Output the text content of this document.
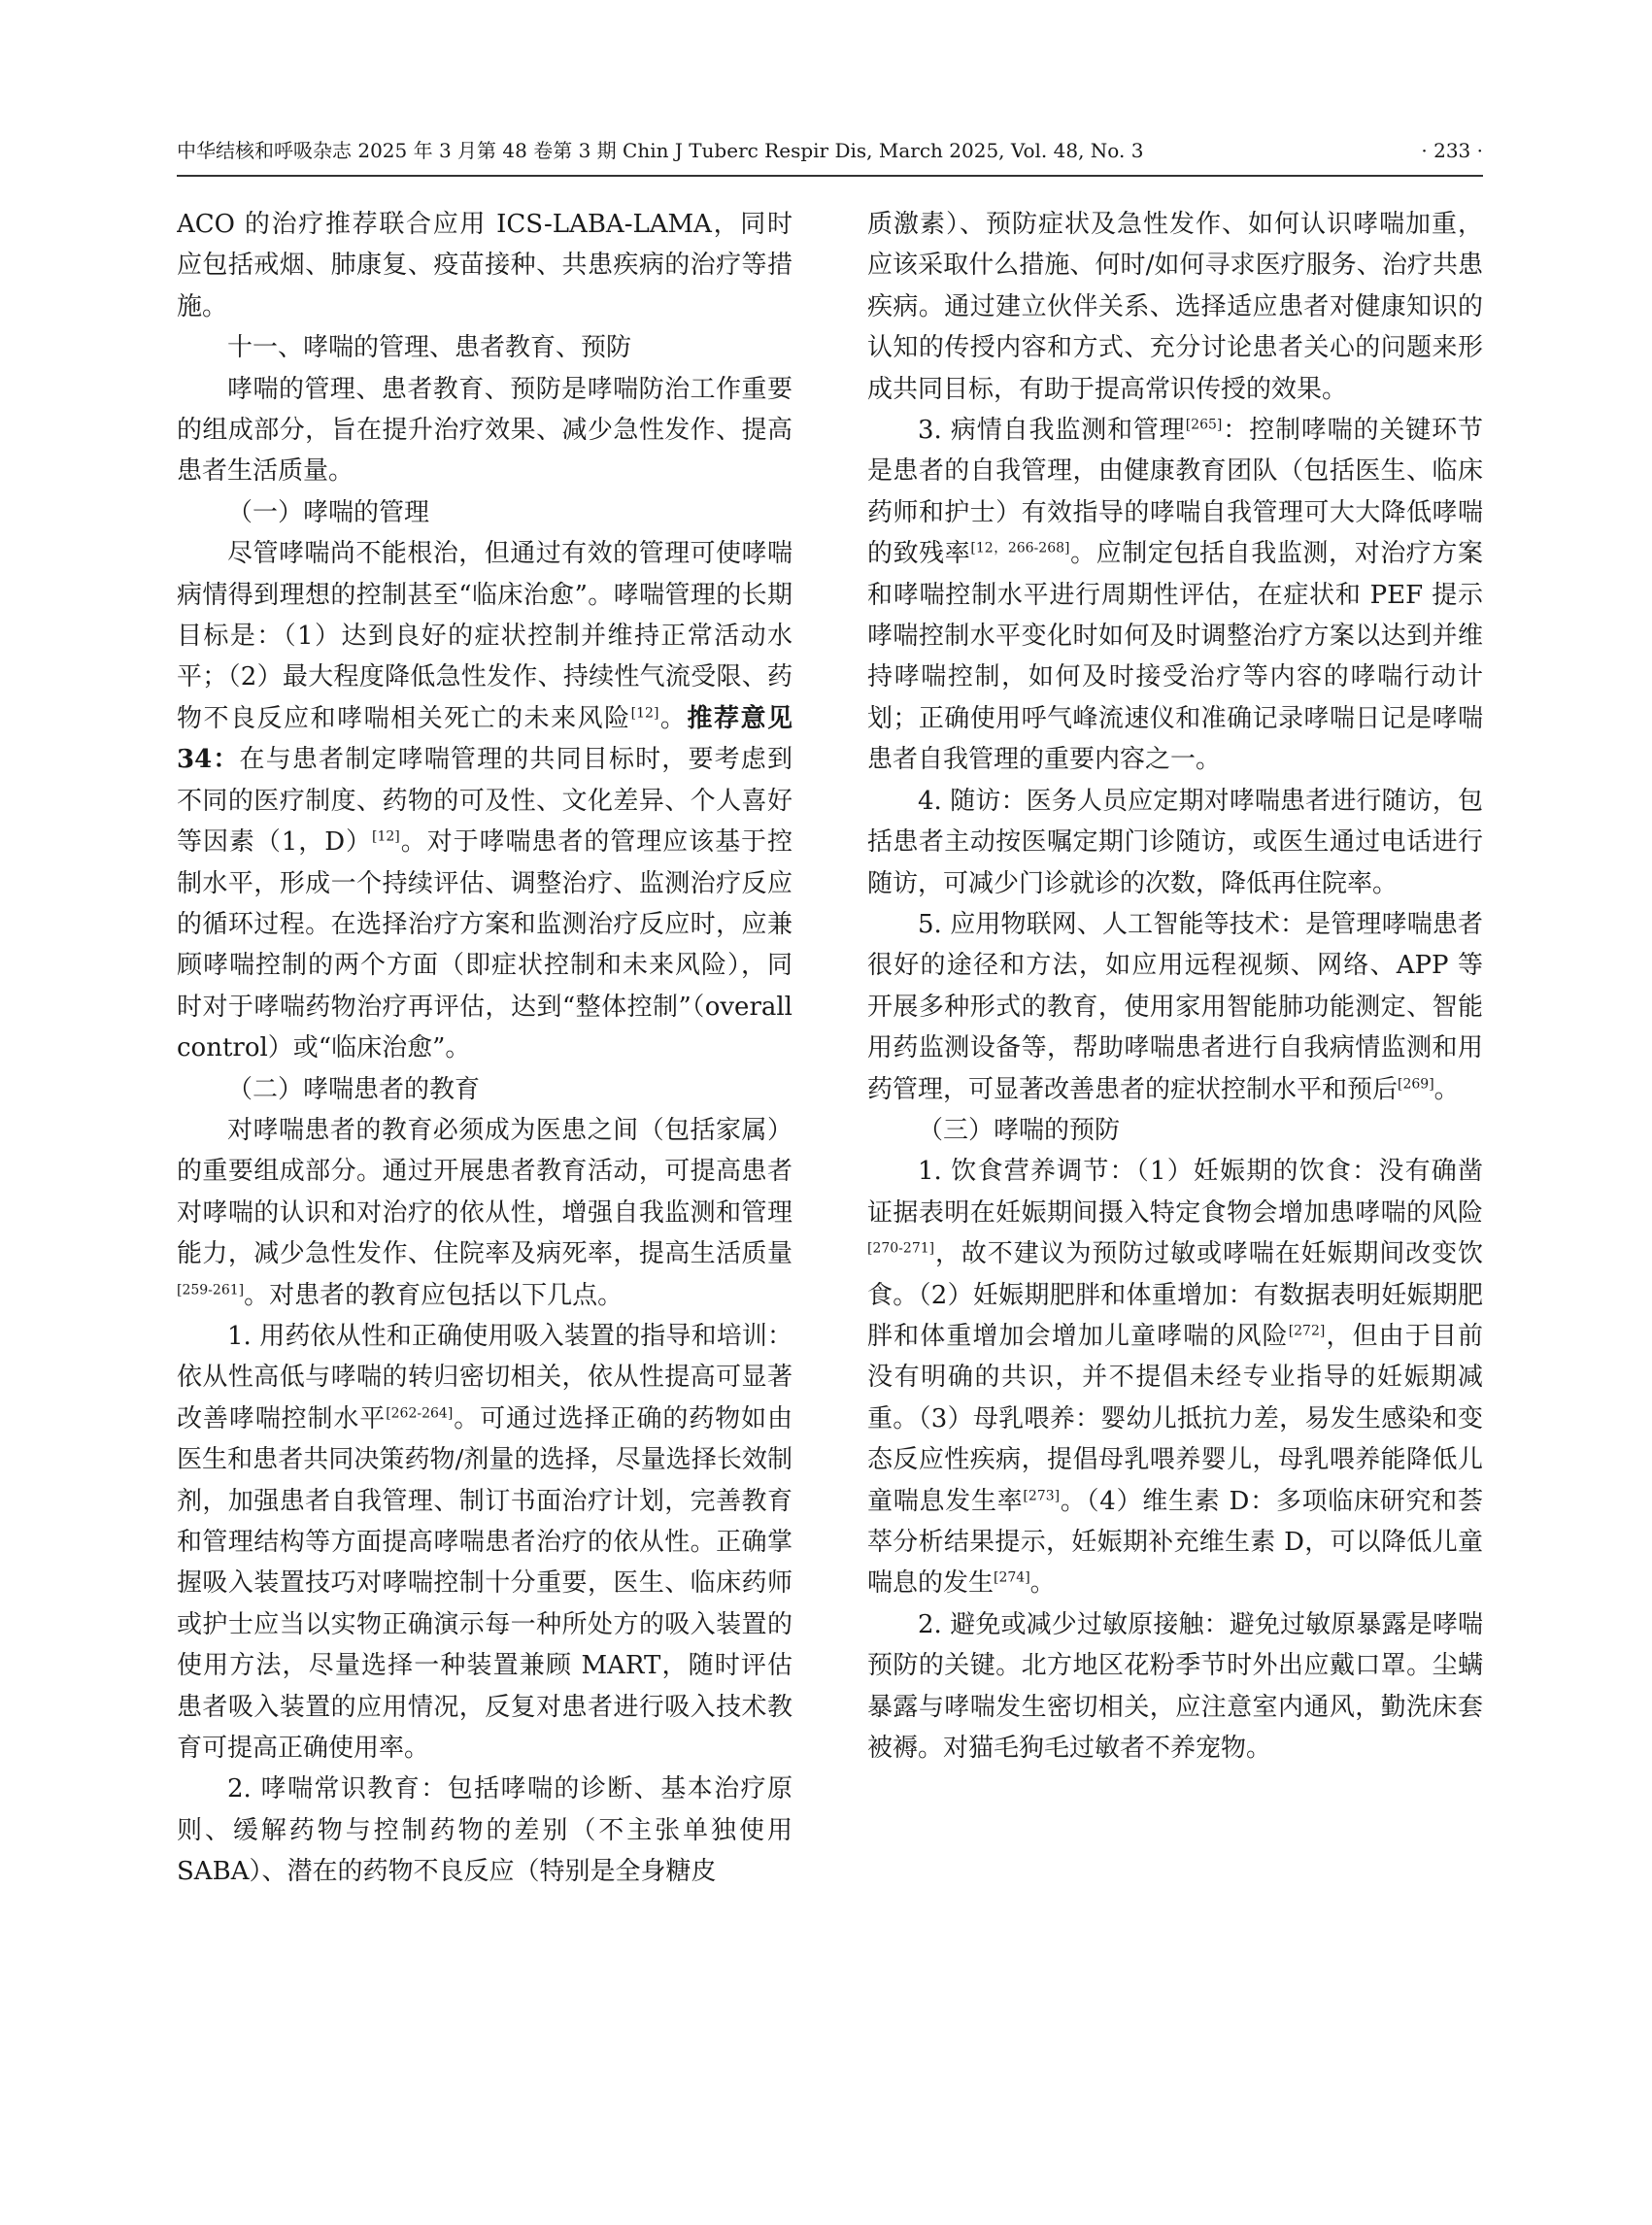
中华结核和呼吸杂志 2025 年 3 月第 48 卷第 3 期 Chin J Tuberc Respir Dis, March 2025, Vol. 48, No. 3	· 233 ·

ACO 的治疗推荐联合应用 ICS-LABA-LAMA，同时应包括戒烟、肺康复、疫苗接种、共患疾病的治疗等措施。

十一、哮喘的管理、患者教育、预防

哮喘的管理、患者教育、预防是哮喘防治工作重要的组成部分，旨在提升治疗效果、减少急性发作、提高患者生活质量。

（一）哮喘的管理

尽管哮喘尚不能根治，但通过有效的管理可使哮喘病情得到理想的控制甚至“临床治愈”。哮喘管理的长期目标是：（1）达到良好的症状控制并维持正常活动水平；（2）最大程度降低急性发作、持续性气流受限、药物不良反应和哮喘相关死亡的未来风险[12]。推荐意见 34：在与患者制定哮喘管理的共同目标时，要考虑到不同的医疗制度、药物的可及性、文化差异、个人喜好等因素（1，D）[12]。对于哮喘患者的管理应该基于控制水平，形成一个持续评估、调整治疗、监测治疗反应的循环过程。在选择治疗方案和监测治疗反应时，应兼顾哮喘控制的两个方面（即症状控制和未来风险），同时对于哮喘药物治疗再评估，达到“整体控制”（overall control）或“临床治愈”。

（二）哮喘患者的教育

对哮喘患者的教育必须成为医患之间（包括家属）的重要组成部分。通过开展患者教育活动，可提高患者对哮喘的认识和对治疗的依从性，增强自我监测和管理能力，减少急性发作、住院率及病死率，提高生活质量[259-261]。对患者的教育应包括以下几点。

1. 用药依从性和正确使用吸入装置的指导和培训：依从性高低与哮喘的转归密切相关，依从性提高可显著改善哮喘控制水平[262-264]。可通过选择正确的药物如由医生和患者共同决策药物/剂量的选择，尽量选择长效制剂，加强患者自我管理、制订书面治疗计划，完善教育和管理结构等方面提高哮喘患者治疗的依从性。正确掌握吸入装置技巧对哮喘控制十分重要，医生、临床药师或护士应当以实物正确演示每一种所处方的吸入装置的使用方法，尽量选择一种装置兼顾 MART，随时评估患者吸入装置的应用情况，反复对患者进行吸入技术教育可提高正确使用率。

2. 哮喘常识教育：包括哮喘的诊断、基本治疗原则、缓解药物与控制药物的差别（不主张单独使用 SABA）、潜在的药物不良反应（特别是全身糖皮

质激素）、预防症状及急性发作、如何认识哮喘加重，应该采取什么措施、何时/如何寻求医疗服务、治疗共患疾病。通过建立伙伴关系、选择适应患者对健康知识的认知的传授内容和方式、充分讨论患者关心的问题来形成共同目标，有助于提高常识传授的效果。

3. 病情自我监测和管理[265]：控制哮喘的关键环节是患者的自我管理，由健康教育团队（包括医生、临床药师和护士）有效指导的哮喘自我管理可大大降低哮喘的致残率[12，266-268]。应制定包括自我监测，对治疗方案和哮喘控制水平进行周期性评估，在症状和 PEF 提示哮喘控制水平变化时如何及时调整治疗方案以达到并维持哮喘控制，如何及时接受治疗等内容的哮喘行动计划；正确使用呼气峰流速仪和准确记录哮喘日记是哮喘患者自我管理的重要内容之一。

4. 随访：医务人员应定期对哮喘患者进行随访，包括患者主动按医嘱定期门诊随访，或医生通过电话进行随访，可减少门诊就诊的次数，降低再住院率。

5. 应用物联网、人工智能等技术：是管理哮喘患者很好的途径和方法，如应用远程视频、网络、APP 等开展多种形式的教育，使用家用智能肺功能测定、智能用药监测设备等，帮助哮喘患者进行自我病情监测和用药管理，可显著改善患者的症状控制水平和预后[269]。

（三）哮喘的预防

1. 饮食营养调节：（1）妊娠期的饮食：没有确凿证据表明在妊娠期间摄入特定食物会增加患哮喘的风险[270-271]，故不建议为预防过敏或哮喘在妊娠期间改变饮食。（2）妊娠期肥胖和体重增加：有数据表明妊娠期肥胖和体重增加会增加儿童哮喘的风险[272]，但由于目前没有明确的共识，并不提倡未经专业指导的妊娠期减重。（3）母乳喂养：婴幼儿抵抗力差，易发生感染和变态反应性疾病，提倡母乳喂养婴儿，母乳喂养能降低儿童喘息发生率[273]。（4）维生素 D：多项临床研究和荟萃分析结果提示，妊娠期补充维生素 D，可以降低儿童喘息的发生[274]。

2. 避免或减少过敏原接触：避免过敏原暴露是哮喘预防的关键。北方地区花粉季节时外出应戴口罩。尘螨暴露与哮喘发生密切相关，应注意室内通风，勤洗床套被褥。对猫毛狗毛过敏者不养宠物。
